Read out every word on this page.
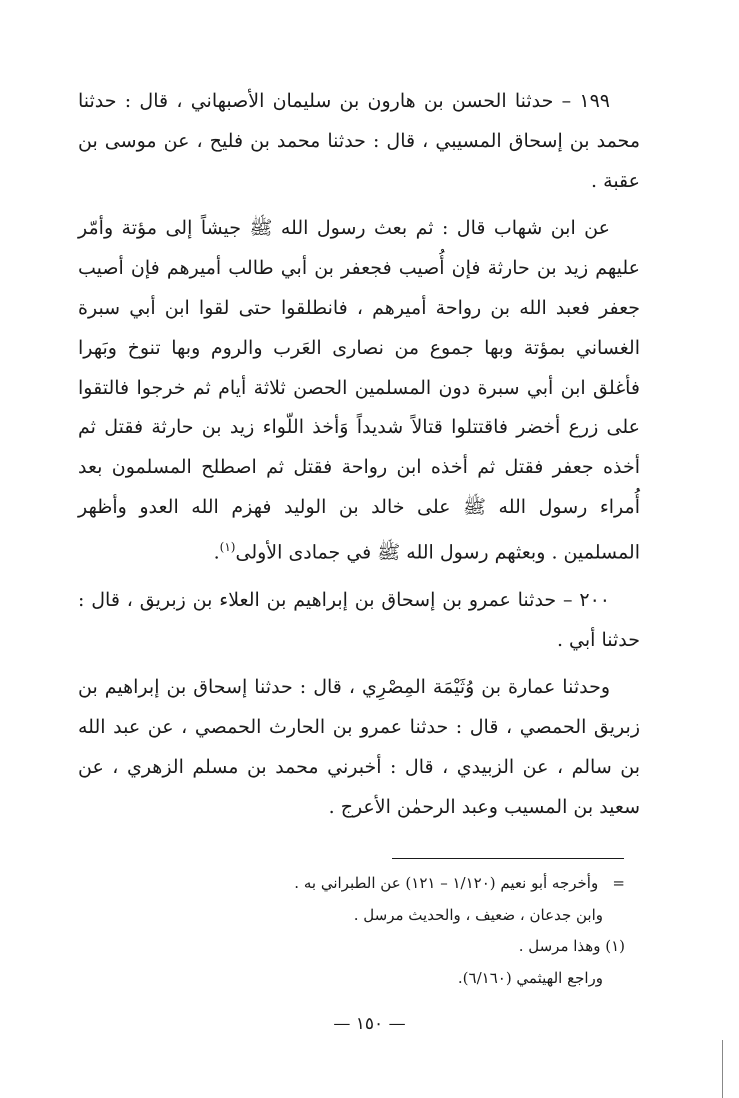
١٩٩ – حدثنا الحسن بن هارون بن سليمان الأصبهاني ، قال : حدثنا محمد بن إسحاق المسيبي ، قال : حدثنا محمد بن فليح ، عن موسى بن عقبة .

عن ابن شهاب قال : ثم بعث رسول الله ﷺ جيشاً إلى مؤتة وأمّر عليهم زيد بن حارثة فإن أُصيب فجعفر بن أبي طالب أميرهم فإن أصيب جعفر فعبد الله بن رواحة أميرهم ، فانطلقوا حتى لقوا ابن أبي سبرة الغساني بمؤتة وبها جموع من نصارى العَرب والروم وبها تنوخ وبَهرا فأغلق ابن أبي سبرة دون المسلمين الحصن ثلاثة أيام ثم خرجوا فالتقوا على زرع أخضر فاقتتلوا قتالاً شديداً وَأخذ اللّواء زيد بن حارثة فقتل ثم أخذه جعفر فقتل ثم أخذه ابن رواحة فقتل ثم اصطلح المسلمون بعد أُمراء رسول الله ﷺ على خالد بن الوليد فهزم الله العدو وأظهر المسلمين . وبعثهم رسول الله ﷺ في جمادى الأولى$^{(١)}$.

٢٠٠ – حدثنا عمرو بن إسحاق بن إبراهيم بن العلاء بن زبريق ، قال : حدثنا أبي .

وحدثنا عمارة بن وُثَيْمَة المِصْرِي ، قال : حدثنا إسحاق بن إبراهيم بن زبريق الحمصي ، قال : حدثنا عمرو بن الحارث الحمصي ، عن عبد الله بن سالم ، عن الزبيدي ، قال : أخبرني محمد بن مسلم الزهري ، عن سعيد بن المسيب وعبد الرحمٰن الأعرج .

,
= وأخرجه أبو نعيم (١/١٢٠ – ١٢١) عن الطبراني به .
وابن جدعان ، ضعيف ، والحديث مرسل .
(١) وهذا مرسل .
وراجع الهيثمي (٦/١٦٠).
— ١٥٠ —
